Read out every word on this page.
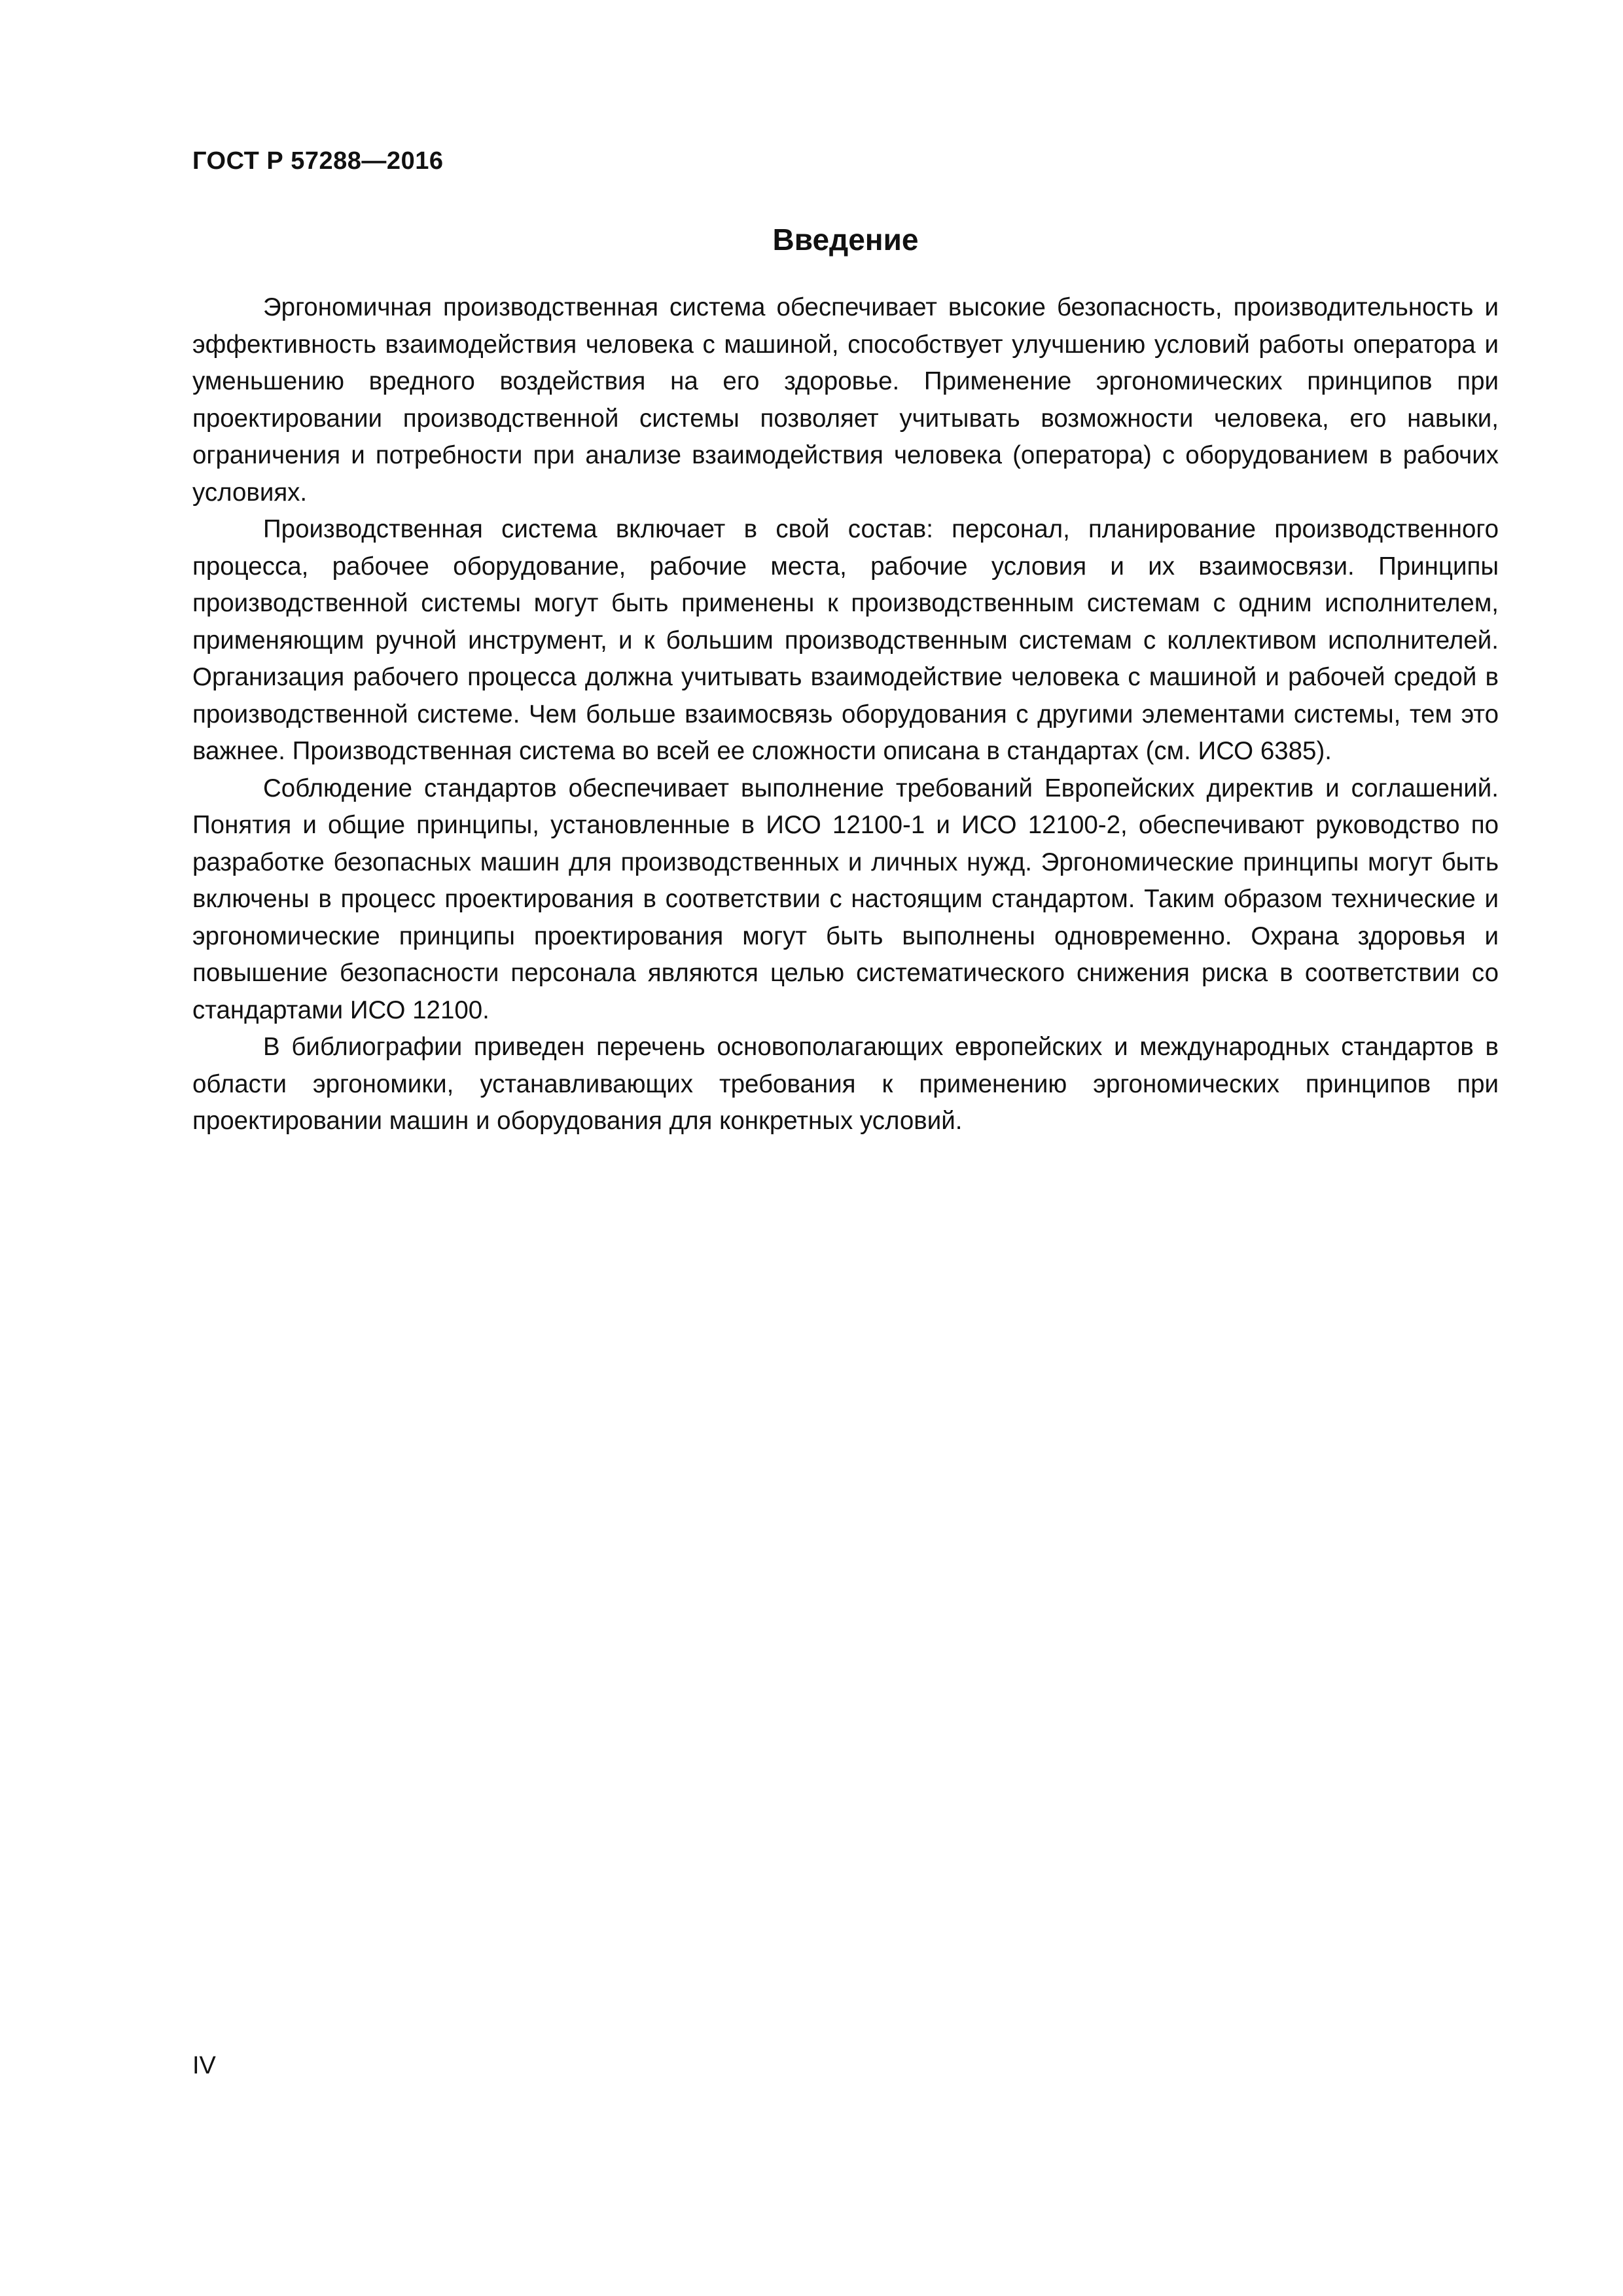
ГОСТ Р 57288—2016
Введение

Эргономичная производственная система обеспечивает высокие безопасность, производительность и эффективность взаимодействия человека с машиной, способствует улучшению условий работы оператора и уменьшению вредного воздействия на его здоровье. Применение эргономических принципов при проектировании производственной системы позволяет учитывать возможности человека, его навыки, ограничения и потребности при анализе взаимодействия человека (оператора) с оборудованием в рабочих условиях.

Производственная система включает в свой состав: персонал, планирование производственного процесса, рабочее оборудование, рабочие места, рабочие условия и их взаимосвязи. Принципы производственной системы могут быть применены к производственным системам с одним исполнителем, применяющим ручной инструмент, и к большим производственным системам с коллективом исполнителей. Организация рабочего процесса должна учитывать взаимодействие человека с машиной и рабочей средой в производственной системе. Чем больше взаимосвязь оборудования с другими элементами системы, тем это важнее. Производственная система во всей ее сложности описана в стандартах (см. ИСО 6385).

Соблюдение стандартов обеспечивает выполнение требований Европейских директив и соглашений. Понятия и общие принципы, установленные в ИСО 12100-1 и ИСО 12100-2, обеспечивают руководство по разработке безопасных машин для производственных и личных нужд. Эргономические принципы могут быть включены в процесс проектирования в соответствии с настоящим стандартом. Таким образом технические и эргономические принципы проектирования могут быть выполнены одновременно. Охрана здоровья и повышение безопасности персонала являются целью систематического снижения риска в соответствии со стандартами ИСО 12100.

В библиографии приведен перечень основополагающих европейских и международных стандартов в области эргономики, устанавливающих требования к применению эргономических принципов при проектировании машин и оборудования для конкретных условий.

IV
